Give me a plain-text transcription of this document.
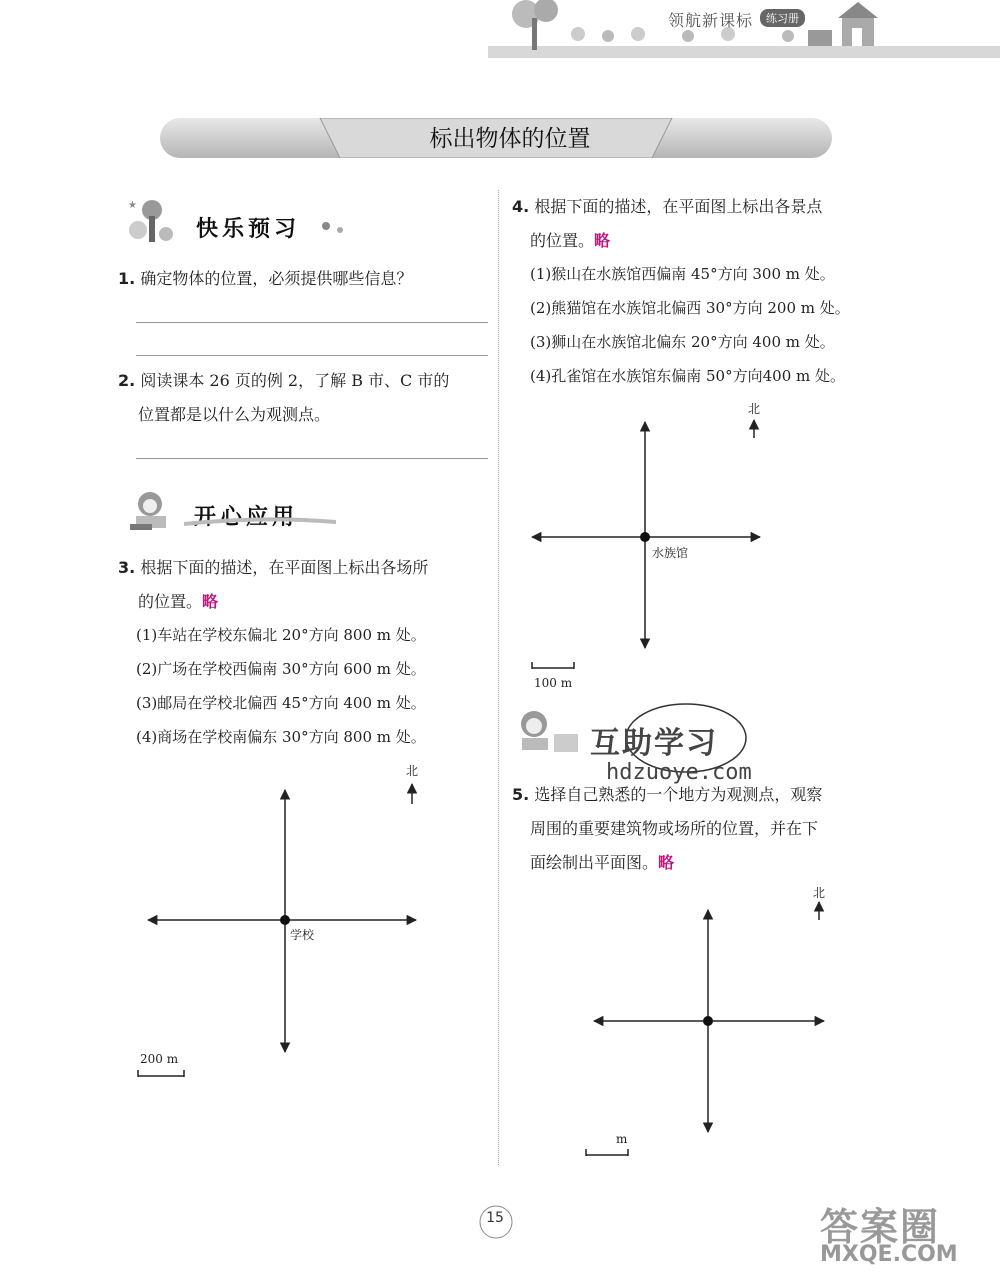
领航新课标	练习册
标出物体的位置
★
快乐预习
1. 确定物体的位置，必须提供哪些信息？
2. 阅读课本 26 页的例 2，了解 B 市、C 市的
位置都是以什么为观测点。
开心应用
3. 根据下面的描述，在平面图上标出各场所
的位置。略
(1)车站在学校东偏北 20°方向 800 m 处。
(2)广场在学校西偏南 30°方向 600 m 处。
(3)邮局在学校北偏西 45°方向 400 m 处。
(4)商场在学校南偏东 30°方向 800 m 处。
北
学校
200 m
4. 根据下面的描述，在平面图上标出各景点
的位置。略
(1)猴山在水族馆西偏南 45°方向 300 m 处。
(2)熊猫馆在水族馆北偏西 30°方向 200 m 处。
(3)狮山在水族馆北偏东 20°方向 400 m 处。
(4)孔雀馆在水族馆东偏南 50°方向400 m 处。
北
水族馆
100 m
互助学习
hdzuoye.com
5. 选择自己熟悉的一个地方为观测点，观察
周围的重要建筑物或场所的位置，并在下
面绘制出平面图。略
北
m
15	答案圈
MXQE.COM
